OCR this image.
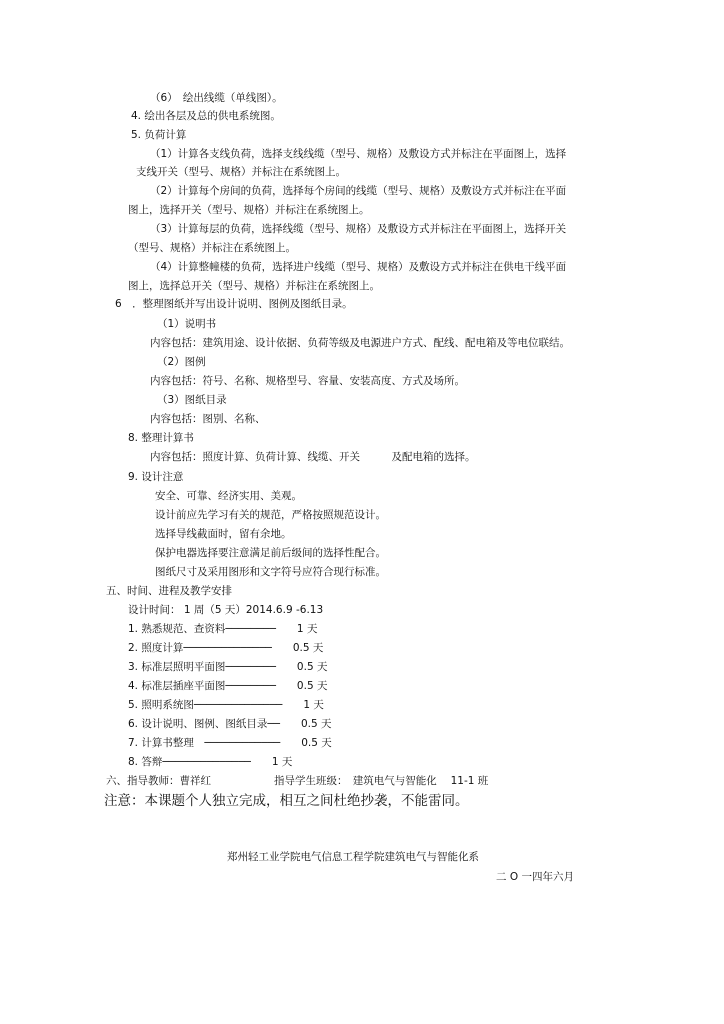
（6）　绘出线缆（单线图）。
4. 绘出各层及总的供电系统图。
5. 负荷计算
（1）计算各支线负荷，选择支线线缆（型号、规格）及敷设方式并标注在平面图上，选择
支线开关（型号、规格）并标注在系统图上。
（2）计算每个房间的负荷，选择每个房间的线缆（型号、规格）及敷设方式并标注在平面
图上，选择开关（型号、规格）并标注在系统图上。
（3）计算每层的负荷，选择线缆（型号、规格）及敷设方式并标注在平面图上，选择开关
（型号、规格）并标注在系统图上。
（4）计算整幢楼的负荷，选择进户线缆（型号、规格）及敷设方式并标注在供电干线平面
图上，选择总开关（型号、规格）并标注在系统图上。
6　．整理图纸并写出设计说明、图例及图纸目录。
（1）说明书
内容包括：建筑用途、设计依据、负荷等级及电源进户方式、配线、配电箱及等电位联结。
（2）图例
内容包括：符号、名称、规格型号、容量、安装高度、方式及场所。
（3）图纸目录
内容包括：图别、名称、
8. 整理计算书
内容包括：照度计算、负荷计算、线缆、开关　　　及配电箱的选择。
9. 设计注意
安全、可靠、经济实用、美观。
设计前应先学习有关的规范，严格按照规范设计。
选择导线截面时，留有余地。
保护电器选择要注意满足前后级间的选择性配合。
图纸尺寸及采用图形和文字符号应符合现行标准。
五、时间、进程及教学安排
设计时间： 1 周（5 天）2014.6.9 -6.13
1. 熟悉规范、查资料────────　　1 天
2. 照度计算──────────────　　0.5 天
3. 标准层照明平面图────────　　0.5 天
4. 标准层插座平面图────────　　0.5 天
5. 照明系统图──────────────　　1 天
6. 设计说明、图例、图纸目录──　　0.5 天
7. 计算书整理　────────────　　0.5 天
8. 答辩──────────────　　1 天
六、指导教师：曹祥红　　　　　　指导学生班级：　建筑电气与智能化　 11-1 班
注意：本课题个人独立完成，相互之间杜绝抄袭，不能雷同。
郑州轻工业学院电气信息工程学院建筑电气与智能化系
二 O 一四年六月
